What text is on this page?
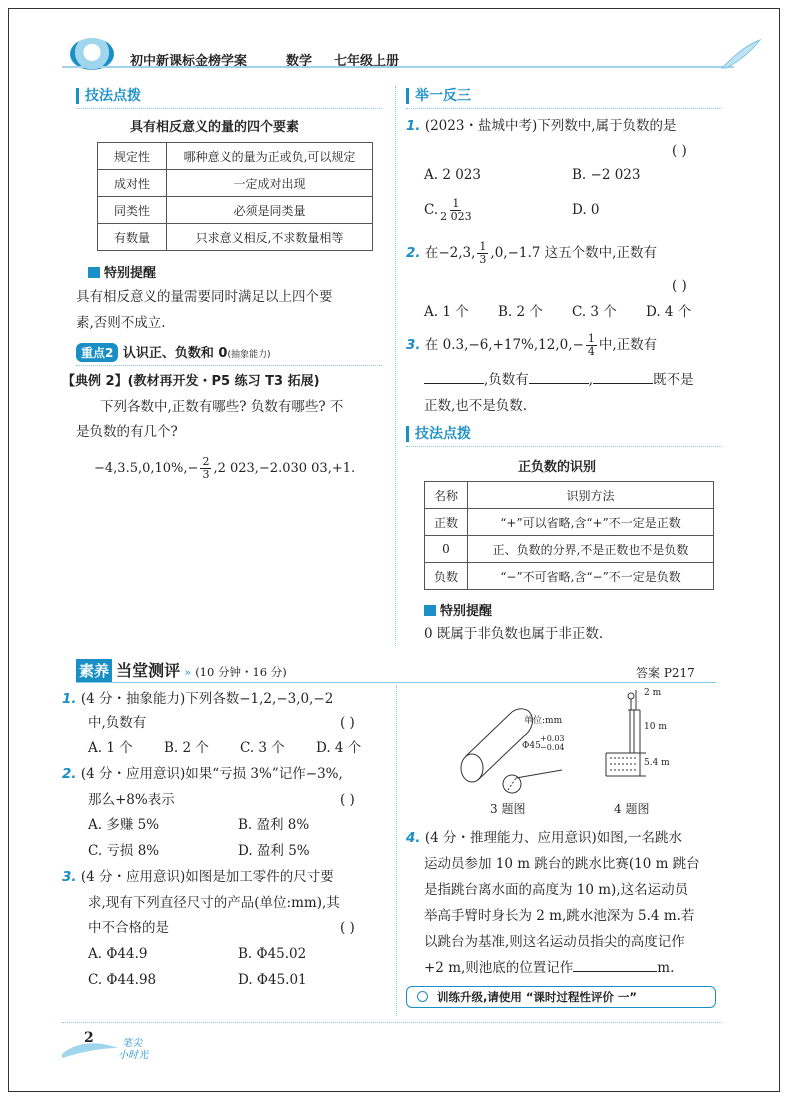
初中新课标金榜学案	数学 七年级上册
技法点拨
具有相反意义的量的四个要素
规定性	哪种意义的量为正或负,可以规定
成对性	一定成对出现
同类性	必须是同类量
有数量	只求意义相反,不求数量相等
特别提醒
具有相反意义的量需要同时满足以上四个要
素,否则不成立.
重点2 认识正、负数和 0(抽象能力)
【典例 2】(教材再开发・P5 练习 T3 拓展)
下列各数中,正数有哪些? 负数有哪些? 不
是负数的有几个?
$-4,3.5,0,10\%,- \frac{2}{3} ,2$ 023,−2.030 03,+1.
举一反三
1. (2023・盐城中考)下列数中,属于负数的是
( )
A. 2 023	B. −2 023
C. $\frac{1}{2 023}$	D. 0
2. 在−2,3, $\frac{1}{3} ,0,-1.7$ 这五个数中,正数有
( )
A. 1 个 B. 2 个 C. 3 个 D. 4 个
3. 在 $0.3,-6,+17\%,12,0,- \frac{1}{4}$ 中,正数有
,负数有	,	既不是
正数,也不是负数.
技法点拨
正负数的识别
名称	识别方法
正数	“+”可以省略,含“+”不一定是正数
0	正、负数的分界,不是正数也不是负数
负数	“−”不可省略,含“−”不一定是负数
特别提醒
0 既属于非负数也属于非正数.
素养 当堂测评 » (10 分钟・16 分)	答案 P217
1. (4 分・抽象能力)下列各数−1,2,−3,0,−2
中,负数有	( )
A. 1 个 B. 2 个 C. 3 个 D. 4 个
2. (4 分・应用意识)如果“亏损 3%”记作−3%,
那么+8%表示	( )
A. 多赚 5%	B. 盈利 8%
C. 亏损 8%	D. 盈利 5%
3. (4 分・应用意识)如图是加工零件的尺寸要
求,现有下列直径尺寸的产品(单位:mm),其
中不合格的是	( )
A. Φ44.9	B. Φ45.02
C. Φ44.98	D. Φ45.01
单位:mm
Φ45
+0.03
−0.04
3 题图
2 m
10 m
5.4 m
4 题图
4. (4 分・推理能力、应用意识)如图,一名跳水
运动员参加 10 m 跳台的跳水比赛(10 m 跳台
是指跳台离水面的高度为 10 m),这名运动员
举高手臂时身长为 2 m,跳水池深为 5.4 m.若
以跳台为基准,则这名运动员指尖的高度记作
+2 m,则池底的位置记作	m.
训练升级,请使用 “课时过程性评价 一”
2	笔尖
小时光
